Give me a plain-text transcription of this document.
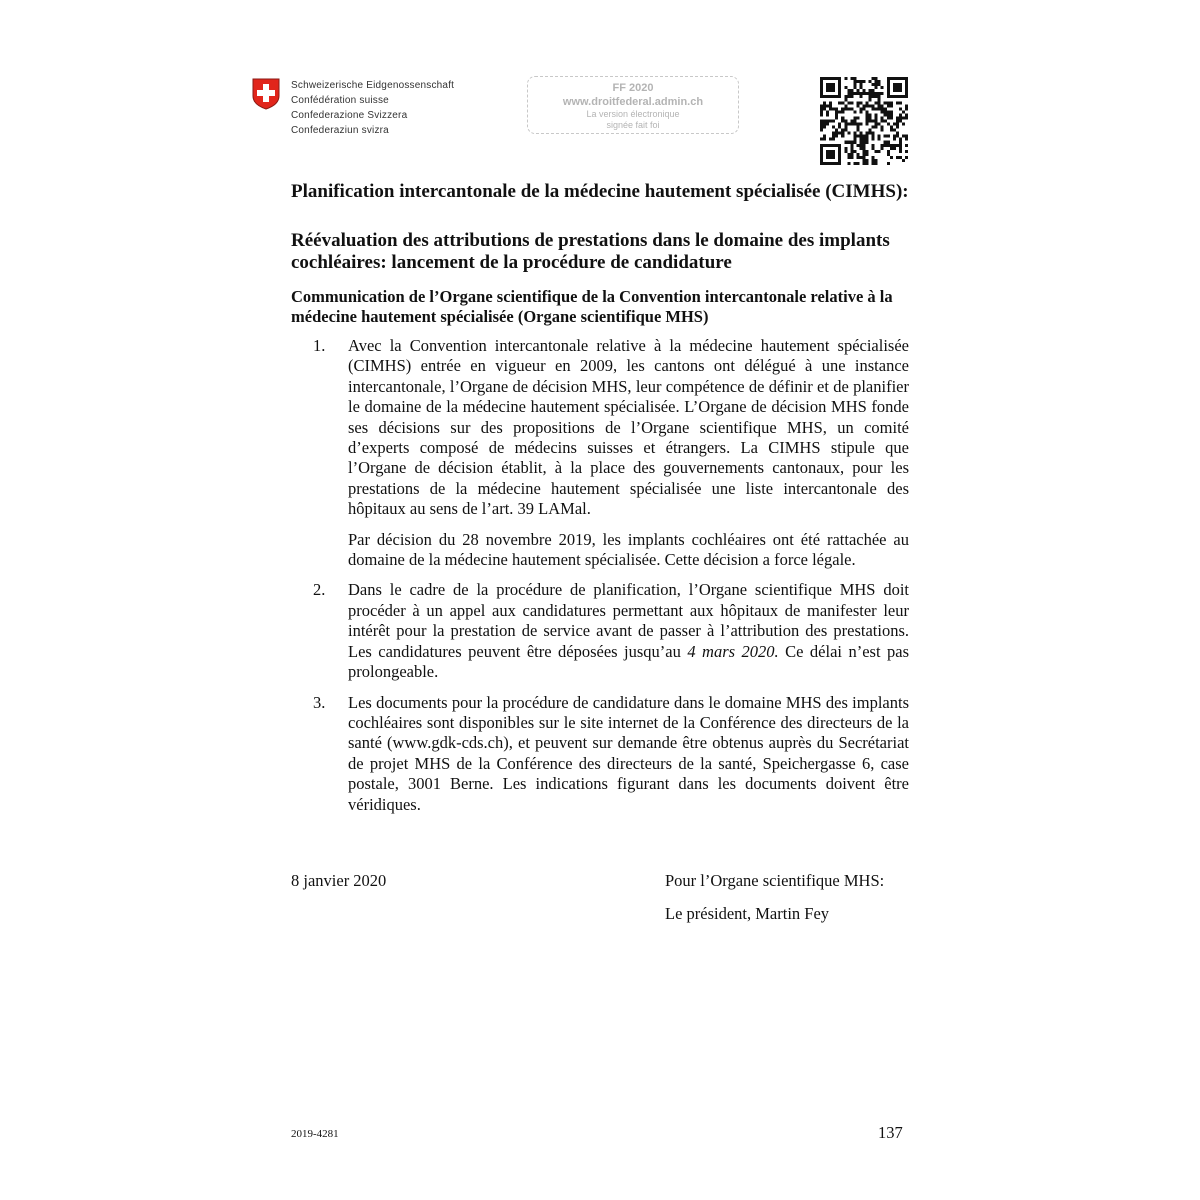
Schweizerische Eidgenossenschaft
Confédération suisse
Confederazione Svizzera
Confederaziun svizra
FF 2020
www.droitfederal.admin.ch
La version électronique
signée fait foi
Planification intercantonale de la médecine hautement spécialisée (CIMHS):
Réévaluation des attributions de prestations dans le domaine des implants cochléaires: lancement de la procédure de candidature
Communication de l’Organe scientifique de la Convention intercantonale relative à la médecine hautement spécialisée (Organe scientifique MHS)
1. Avec la Convention intercantonale relative à la médecine hautement spécialisée (CIMHS) entrée en vigueur en 2009, les cantons ont délégué à une instance intercantonale, l’Organe de décision MHS, leur compétence de définir et de planifier le domaine de la médecine hautement spécialisée. L’Organe de décision MHS fonde ses décisions sur des propositions de l’Organe scientifique MHS, un comité d’experts composé de médecins suisses et étrangers. La CIMHS stipule que l’Organe de décision établit, à la place des gouvernements cantonaux, pour les prestations de la médecine hautement spécialisée une liste intercantonale des hôpitaux au sens de l’art. 39 LAMal.

Par décision du 28 novembre 2019, les implants cochléaires ont été rattachée au domaine de la médecine hautement spécialisée. Cette décision a force légale.

2. Dans le cadre de la procédure de planification, l’Organe scientifique MHS doit procéder à un appel aux candidatures permettant aux hôpitaux de manifester leur intérêt pour la prestation de service avant de passer à l’attribution des prestations. Les candidatures peuvent être déposées jusqu’au 4 mars 2020. Ce délai n’est pas prolongeable.

3. Les documents pour la procédure de candidature dans le domaine MHS des implants cochléaires sont disponibles sur le site internet de la Conférence des directeurs de la santé (www.gdk-cds.ch), et peuvent sur demande être obtenus auprès du Secrétariat de projet MHS de la Conférence des directeurs de la santé, Speichergasse 6, case postale, 3001 Berne. Les indications figurant dans les documents doivent être véridiques.

8 janvier 2020	Pour l’Organe scientifique MHS:
Le président, Martin Fey
2019-4281	137
